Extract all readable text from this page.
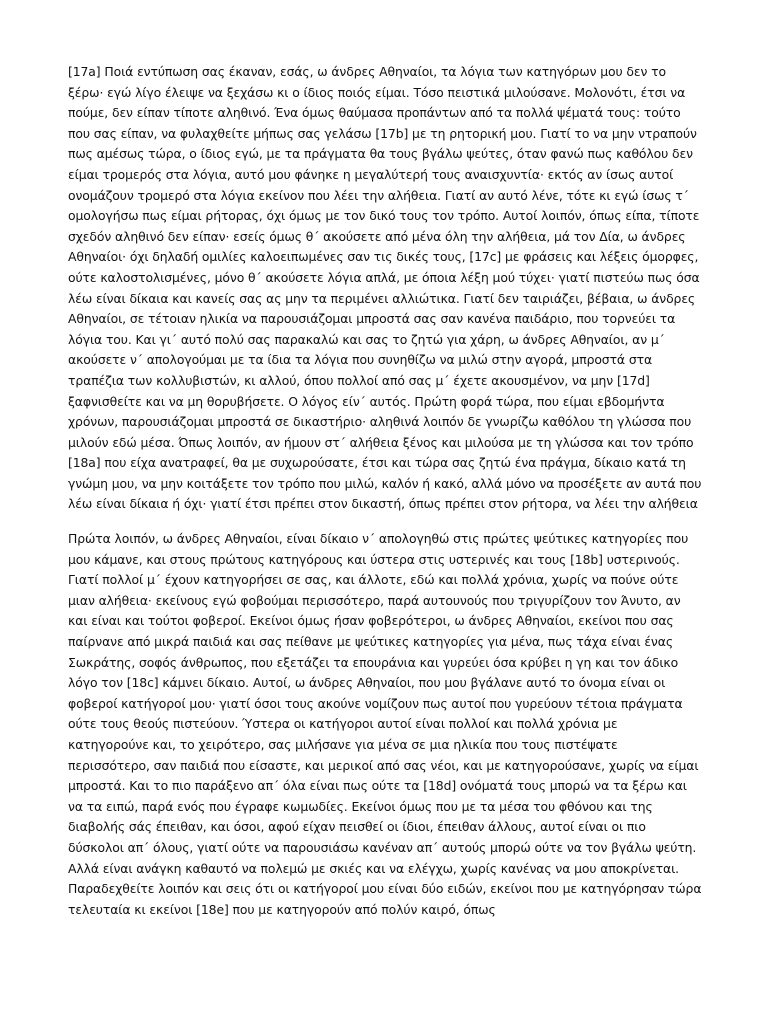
[17a] Ποιά εντύπωση σας έκαναν, εσάς, ω άνδρες Αθηναίοι, τα λόγια των κατηγόρων μου δεν το ξέρω· εγώ λίγο έλειψε να ξεχάσω κι ο ίδιος ποιός είμαι. Τόσο πειστικά μιλούσανε. Μολονότι, έτσι να πούμε, δεν είπαν τίποτε αληθινό. Ένα όμως θαύμασα προπάντων από τα πολλά ψέματά τους: τούτο που σας είπαν, να φυλαχθείτε μήπως σας γελάσω [17b] με τη ρητορική μου. Γιατί το να μην ντραπούν πως αμέσως τώρα, ο ίδιος εγώ, με τα πράγματα θα τους βγάλω ψεύτες, όταν φανώ πως καθόλου δεν είμαι τρομερός στα λόγια, αυτό μου φάνηκε η μεγαλύτερή τους αναισχυντία· εκτός αν ίσως αυτοί ονομάζουν τρομερό στα λόγια εκείνον που λέει την αλήθεια. Γιατί αν αυτό λένε, τότε κι εγώ ίσως τ΄ ομολογήσω πως είμαι ρήτορας, όχι όμως με τον δικό τους τον τρόπο. Αυτοί λοιπόν, όπως είπα, τίποτε σχεδόν αληθινό δεν είπαν· εσείς όμως θ΄ ακούσετε από μένα όλη την αλήθεια, μά τον Δία, ω άνδρες Αθηναίοι· όχι δηλαδή ομιλίες καλοειπωμένες σαν τις δικές τους, [17c] με φράσεις και λέξεις όμορφες, ούτε καλοστολισμένες, μόνο θ΄ ακούσετε λόγια απλά, με όποια λέξη μού τύχει· γιατί πιστεύω πως όσα λέω είναι δίκαια και κανείς σας ας μην τα περιμένει αλλιώτικα. Γιατί δεν ταιριάζει, βέβαια, ω άνδρες Αθηναίοι, σε τέτοιαν ηλικία να παρουσιάζομαι μπροστά σας σαν κανένα παιδάριο, που τορνεύει τα λόγια του. Και γι΄ αυτό πολύ σας παρακαλώ και σας το ζητώ για χάρη, ω άνδρες Αθηναίοι, αν μ΄ ακούσετε ν΄ απολογούμαι με τα ίδια τα λόγια που συνηθίζω να μιλώ στην αγορά, μπροστά στα τραπέζια των κολλυβιστών, κι αλλού, όπου πολλοί από σας μ΄ έχετε ακουσμένον, να μην [17d] ξαφνισθείτε και να μη θορυβήσετε. Ο λόγος είν΄ αυτός. Πρώτη φορά τώρα, που είμαι εβδομήντα χρόνων, παρουσιάζομαι μπροστά σε δικαστήριο· αληθινά λοιπόν δε γνωρίζω καθόλου τη γλώσσα που μιλούν εδώ μέσα. Όπως λοιπόν, αν ήμουν στ΄ αλήθεια ξένος και μιλούσα με τη γλώσσα και τον τρόπο [18a] που είχα ανατραφεί, θα με συχωρούσατε, έτσι και τώρα σας ζητώ ένα πράγμα, δίκαιο κατά τη γνώμη μου, να μην κοιτάξετε τον τρόπο που μιλώ, καλόν ή κακό, αλλά μόνο να προσέξετε αν αυτά που λέω είναι δίκαια ή όχι· γιατί έτσι πρέπει στον δικαστή, όπως πρέπει στον ρήτορα, να λέει την αλήθεια

Πρώτα λοιπόν, ω άνδρες Αθηναίοι, είναι δίκαιο ν΄ απολογηθώ στις πρώτες ψεύτικες κατηγορίες που μου κάμανε, και στους πρώτους κατηγόρους και ύστερα στις υστερινές και τους [18b] υστερινούς. Γιατί πολλοί μ΄ έχουν κατηγορήσει σε σας, και άλλοτε, εδώ και πολλά χρόνια, χωρίς να πούνε ούτε μιαν αλήθεια· εκείνους εγώ φοβούμαι περισσότερο, παρά αυτουνούς που τριγυρίζουν τον Άνυτο, αν και είναι και τούτοι φοβεροί. Εκείνοι όμως ήσαν φοβερότεροι, ω άνδρες Αθηναίοι, εκείνοι που σας παίρνανε από μικρά παιδιά και σας πείθανε με ψεύτικες κατηγορίες για μένα, πως τάχα είναι ένας Σωκράτης, σοφός άνθρωπος, που εξετάζει τα επουράνια και γυρεύει όσα κρύβει η γη και τον άδικο λόγο τον [18c] κάμνει δίκαιο. Αυτοί, ω άνδρες Αθηναίοι, που μου βγάλανε αυτό το όνομα είναι οι φοβεροί κατήγοροί μου· γιατί όσοι τους ακούνε νομίζουν πως αυτοί που γυρεύουν τέτοια πράγματα ούτε τους θεούς πιστεύουν. Ύστερα οι κατήγοροι αυτοί είναι πολλοί και πολλά χρόνια με κατηγορούνε και, το χειρότερο, σας μιλήσανε για μένα σε μια ηλικία που τους πιστέψατε περισσότερο, σαν παιδιά που είσαστε, και μερικοί από σας νέοι, και με κατηγορούσανε, χωρίς να είμαι μπροστά. Και το πιο παράξενο απ΄ όλα είναι πως ούτε τα [18d] ονόματά τους μπορώ να τα ξέρω και να τα ειπώ, παρά ενός που έγραφε κωμωδίες. Εκείνοι όμως που με τα μέσα του φθόνου και της διαβολής σάς έπειθαν, και όσοι, αφού είχαν πεισθεί οι ίδιοι, έπειθαν άλλους, αυτοί είναι οι πιο δύσκολοι απ΄ όλους, γιατί ούτε να παρουσιάσω κανέναν απ΄ αυτούς μπορώ ούτε να τον βγάλω ψεύτη. Αλλά είναι ανάγκη καθαυτό να πολεμώ με σκιές και να ελέγχω, χωρίς κανένας να μου αποκρίνεται. Παραδεχθείτε λοιπόν και σεις ότι οι κατήγοροί μου είναι δύο ειδών, εκείνοι που με κατηγόρησαν τώρα τελευταία κι εκείνοι [18e] που με κατηγορούν από πολύν καιρό, όπως
